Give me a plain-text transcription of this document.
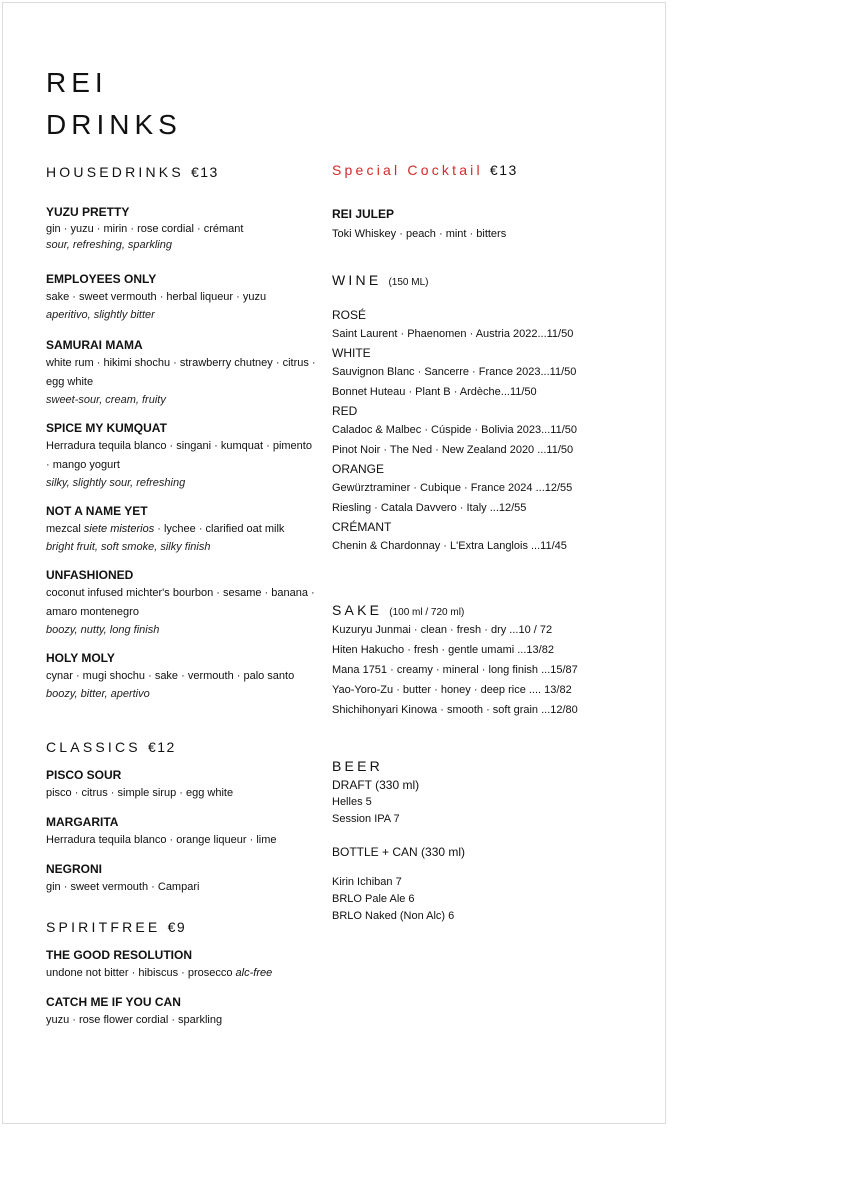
REI
DRINKS
HOUSEDRINKS €13
YUZU PRETTY
gin · yuzu · mirin · rose cordial · crémant
sour, refreshing, sparkling
EMPLOYEES ONLY
sake · sweet vermouth · herbal liqueur · yuzu
aperitivo, slightly bitter
SAMURAI MAMA
white rum · hikimi shochu · strawberry chutney · citrus · egg white
sweet-sour, cream, fruity
SPICE MY KUMQUAT
Herradura tequila blanco · singani · kumquat · pimento · mango yogurt
silky, slightly sour, refreshing
NOT A NAME YET
mezcal siete misterios · lychee · clarified oat milk
bright fruit, soft smoke, silky finish
UNFASHIONED
coconut infused michter's bourbon · sesame · banana · amaro montenegro
boozy, nutty, long finish
HOLY MOLY
cynar · mugi shochu · sake · vermouth · palo santo
boozy, bitter, apertivo
CLASSICS €12
PISCO SOUR
pisco · citrus · simple sirup · egg white
MARGARITA
Herradura tequila blanco · orange liqueur · lime
NEGRONI
gin · sweet vermouth · Campari
SPIRITFREE €9
THE GOOD RESOLUTION
undone not bitter · hibiscus · prosecco alc-free
CATCH ME IF YOU CAN
yuzu · rose flower cordial · sparkling
Special Cocktail €13
REI JULEP
Toki Whiskey · peach · mint · bitters
WINE (150 ML)
ROSÉ
Saint Laurent · Phaenomen · Austria 2022...11/50
WHITE
Sauvignon Blanc · Sancerre · France 2023...11/50
Bonnet Huteau · Plant B · Ardèche...11/50
RED
Caladoc & Malbec · Cúspide · Bolivia 2023...11/50
Pinot Noir · The Ned · New Zealand 2020 ...11/50
ORANGE
Gewürztraminer · Cubique · France 2024 ...12/55
Riesling · Catala Davvero · Italy ...12/55
CRÉMANT
Chenin & Chardonnay · L'Extra Langlois ...11/45
SAKE (100 ml / 720 ml)
Kuzuryu Junmai · clean · fresh · dry ...10 / 72
Hiten Hakucho · fresh · gentle umami ...13/82
Mana 1751 · creamy · mineral · long finish ...15/87
Yao-Yoro-Zu · butter · honey · deep rice .... 13/82
Shichihonyari Kinowa · smooth · soft grain ...12/80
BEER
DRAFT (330 ml)
Helles 5
Session IPA 7
BOTTLE + CAN (330 ml)
Kirin Ichiban 7
BRLO Pale Ale 6
BRLO Naked (Non Alc) 6
